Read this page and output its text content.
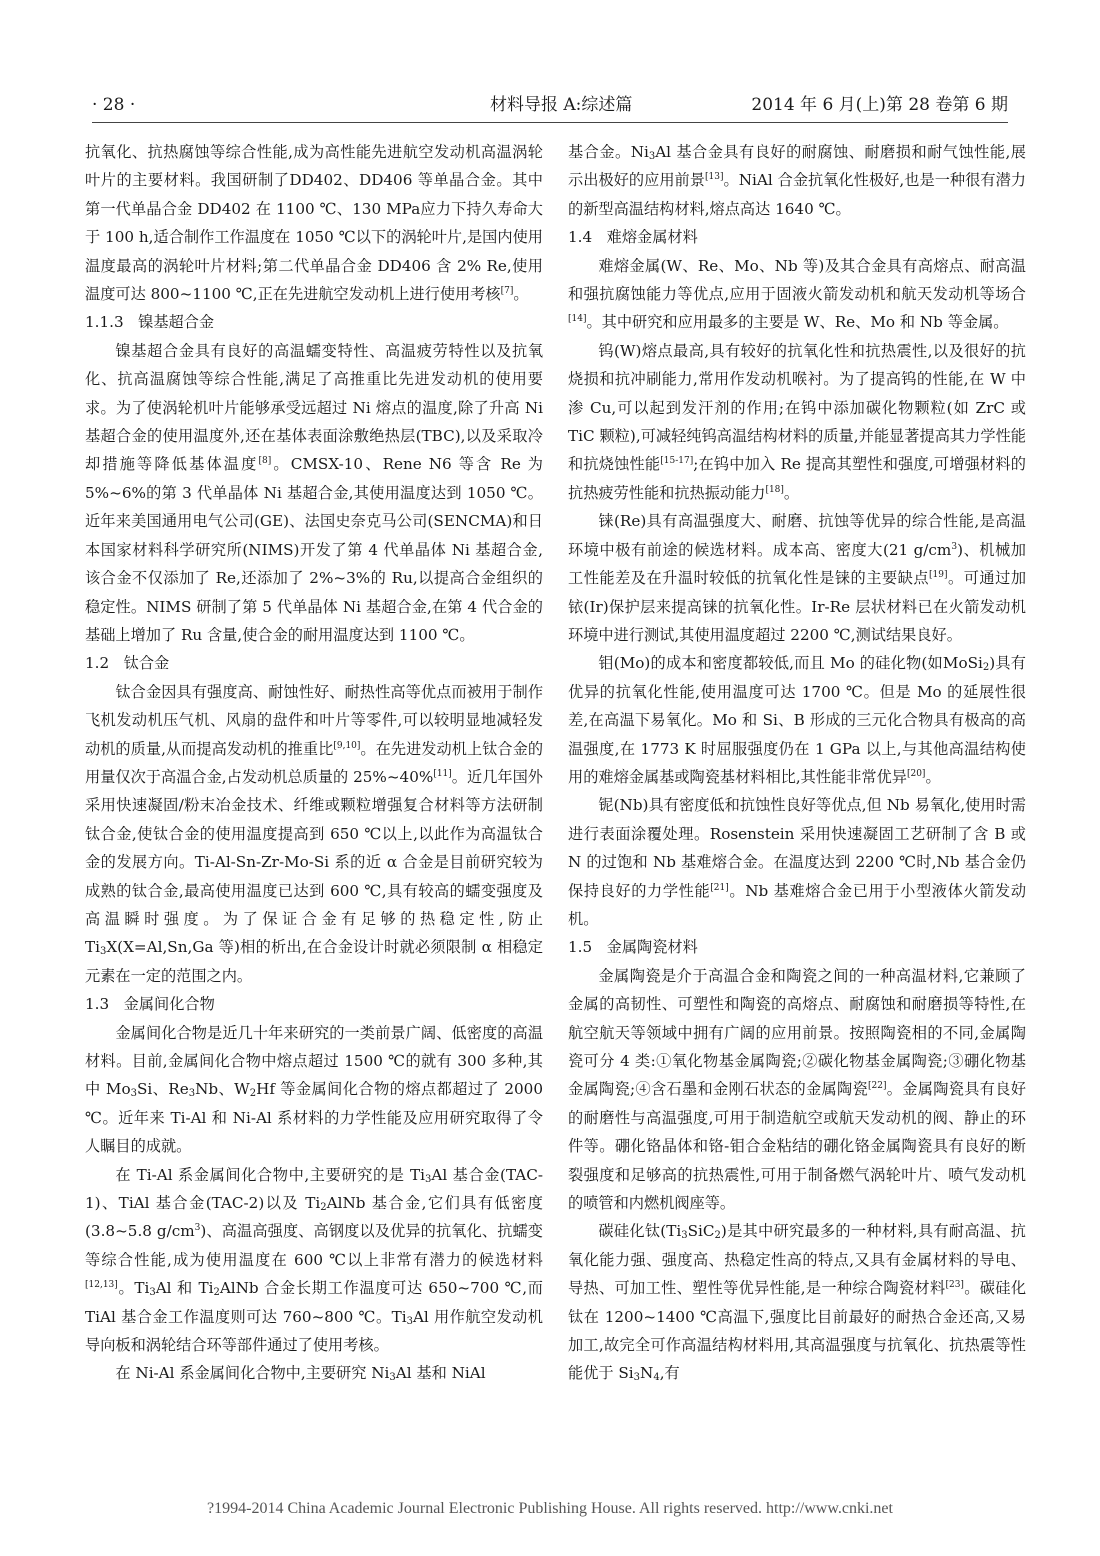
· 28 ·	材料导报 A:综述篇	2014 年 6 月(上)第 28 卷第 6 期

抗氧化、抗热腐蚀等综合性能,成为高性能先进航空发动机高温涡轮叶片的主要材料。我国研制了DD402、DD406 等单晶合金。其中第一代单晶合金 DD402 在 1100 ℃、130 MPa应力下持久寿命大于 100 h,适合制作工作温度在 1050 ℃以下的涡轮叶片,是国内使用温度最高的涡轮叶片材料;第二代单晶合金 DD406 含 2% Re,使用温度可达 800~1100 ℃,正在先进航空发动机上进行使用考核[7]。

1.1.3   镍基超合金

镍基超合金具有良好的高温蠕变特性、高温疲劳特性以及抗氧化、抗高温腐蚀等综合性能,满足了高推重比先进发动机的使用要求。为了使涡轮机叶片能够承受远超过 Ni 熔点的温度,除了升高 Ni 基超合金的使用温度外,还在基体表面涂敷绝热层(TBC),以及采取冷却措施等降低基体温度[8]。CMSX-10、Rene N6 等含 Re 为 5%~6%的第 3 代单晶体 Ni 基超合金,其使用温度达到 1050 ℃。近年来美国通用电气公司(GE)、法国史奈克马公司(SENCMA)和日本国家材料科学研究所(NIMS)开发了第 4 代单晶体 Ni 基超合金,该合金不仅添加了 Re,还添加了 2%~3%的 Ru,以提高合金组织的稳定性。NIMS 研制了第 5 代单晶体 Ni 基超合金,在第 4 代合金的基础上增加了 Ru 含量,使合金的耐用温度达到 1100 ℃。

1.2   钛合金

钛合金因具有强度高、耐蚀性好、耐热性高等优点而被用于制作飞机发动机压气机、风扇的盘件和叶片等零件,可以较明显地减轻发动机的质量,从而提高发动机的推重比[9,10]。在先进发动机上钛合金的用量仅次于高温合金,占发动机总质量的 25%~40%[11]。近几年国外采用快速凝固/粉末冶金技术、纤维或颗粒增强复合材料等方法研制钛合金,使钛合金的使用温度提高到 650 ℃以上,以此作为高温钛合金的发展方向。Ti-Al-Sn-Zr-Mo-Si 系的近 α 合金是目前研究较为成熟的钛合金,最高使用温度已达到 600 ℃,具有较高的蠕变强度及高温瞬时强度。为了保证合金有足够的热稳定性,防止 $Ti_3X(X=Al,Sn,Ga$ 等)相的析出,在合金设计时就必须限制 α 相稳定元素在一定的范围之内。

1.3   金属间化合物

金属间化合物是近几十年来研究的一类前景广阔、低密度的高温材料。目前,金属间化合物中熔点超过 1500 ℃的就有 300 多种,其中 $Mo_3Si$、$Re_3Nb$、$W_2Hf$ 等金属间化合物的熔点都超过了 2000 ℃。近年来 Ti-Al 和 Ni-Al 系材料的力学性能及应用研究取得了令人瞩目的成就。

在 Ti-Al 系金属间化合物中,主要研究的是 $Ti_3Al$ 基合金(TAC-1)、TiAl 基合金(TAC-2)以及 $Ti_2AlNb$ 基合金,它们具有低密度(3.8~5.8 $g/cm^3$)、高温高强度、高钢度以及优异的抗氧化、抗蠕变等综合性能,成为使用温度在 600 ℃以上非常有潜力的候选材料[12,13]。$Ti_3Al$ 和 $Ti_2AlNb$ 合金长期工作温度可达 650~700 ℃,而 TiAl 基合金工作温度则可达 760~800 ℃。$Ti_3Al$ 用作航空发动机导向板和涡轮结合环等部件通过了使用考核。

在 Ni-Al 系金属间化合物中,主要研究 $Ni_3Al$ 基和 NiAl

基合金。$Ni_3Al$ 基合金具有良好的耐腐蚀、耐磨损和耐气蚀性能,展示出极好的应用前景[13]。NiAl 合金抗氧化性极好,也是一种很有潜力的新型高温结构材料,熔点高达 1640 ℃。

1.4   难熔金属材料

难熔金属(W、Re、Mo、Nb 等)及其合金具有高熔点、耐高温和强抗腐蚀能力等优点,应用于固液火箭发动机和航天发动机等场合[14]。其中研究和应用最多的主要是 W、Re、Mo 和 Nb 等金属。

钨(W)熔点最高,具有较好的抗氧化性和抗热震性,以及很好的抗烧损和抗冲刷能力,常用作发动机喉衬。为了提高钨的性能,在 W 中渗 Cu,可以起到发汗剂的作用;在钨中添加碳化物颗粒(如 ZrC 或 TiC 颗粒),可减轻纯钨高温结构材料的质量,并能显著提高其力学性能和抗烧蚀性能[15-17];在钨中加入 Re 提高其塑性和强度,可增强材料的抗热疲劳性能和抗热振动能力[18]。

铼(Re)具有高温强度大、耐磨、抗蚀等优异的综合性能,是高温环境中极有前途的候选材料。成本高、密度大(21 $g/cm^3$)、机械加工性能差及在升温时较低的抗氧化性是铼的主要缺点[19]。可通过加铱(Ir)保护层来提高铼的抗氧化性。Ir-Re 层状材料已在火箭发动机环境中进行测试,其使用温度超过 2200 ℃,测试结果良好。

钼(Mo)的成本和密度都较低,而且 Mo 的硅化物(如MoSi$_2$)具有优异的抗氧化性能,使用温度可达 1700 ℃。但是 Mo 的延展性很差,在高温下易氧化。Mo 和 Si、B 形成的三元化合物具有极高的高温强度,在 1773 K 时屈服强度仍在 1 GPa 以上,与其他高温结构使用的难熔金属基或陶瓷基材料相比,其性能非常优异[20]。

铌(Nb)具有密度低和抗蚀性良好等优点,但 Nb 易氧化,使用时需进行表面涂覆处理。Rosenstein 采用快速凝固工艺研制了含 B 或 N 的过饱和 Nb 基难熔合金。在温度达到 2200 ℃时,Nb 基合金仍保持良好的力学性能[21]。Nb 基难熔合金已用于小型液体火箭发动机。

1.5   金属陶瓷材料

金属陶瓷是介于高温合金和陶瓷之间的一种高温材料,它兼顾了金属的高韧性、可塑性和陶瓷的高熔点、耐腐蚀和耐磨损等特性,在航空航天等领域中拥有广阔的应用前景。按照陶瓷相的不同,金属陶瓷可分 4 类:①氧化物基金属陶瓷;②碳化物基金属陶瓷;③硼化物基金属陶瓷;④含石墨和金刚石状态的金属陶瓷[22]。金属陶瓷具有良好的耐磨性与高温强度,可用于制造航空或航天发动机的阀、静止的环件等。硼化铬晶体和铬-钼合金粘结的硼化铬金属陶瓷具有良好的断裂强度和足够高的抗热震性,可用于制备燃气涡轮叶片、喷气发动机的喷管和内燃机阀座等。

碳硅化钛$(Ti_3SiC_2)$是其中研究最多的一种材料,具有耐高温、抗氧化能力强、强度高、热稳定性高的特点,又具有金属材料的导电、导热、可加工性、塑性等优异性能,是一种综合陶瓷材料[23]。碳硅化钛在 1200~1400 ℃高温下,强度比目前最好的耐热合金还高,又易加工,故完全可作高温结构材料用,其高温强度与抗氧化、抗热震等性能优于 $Si_3N_4$,有

?1994-2014 China Academic Journal Electronic Publishing House. All rights reserved. http://www.cnki.net
